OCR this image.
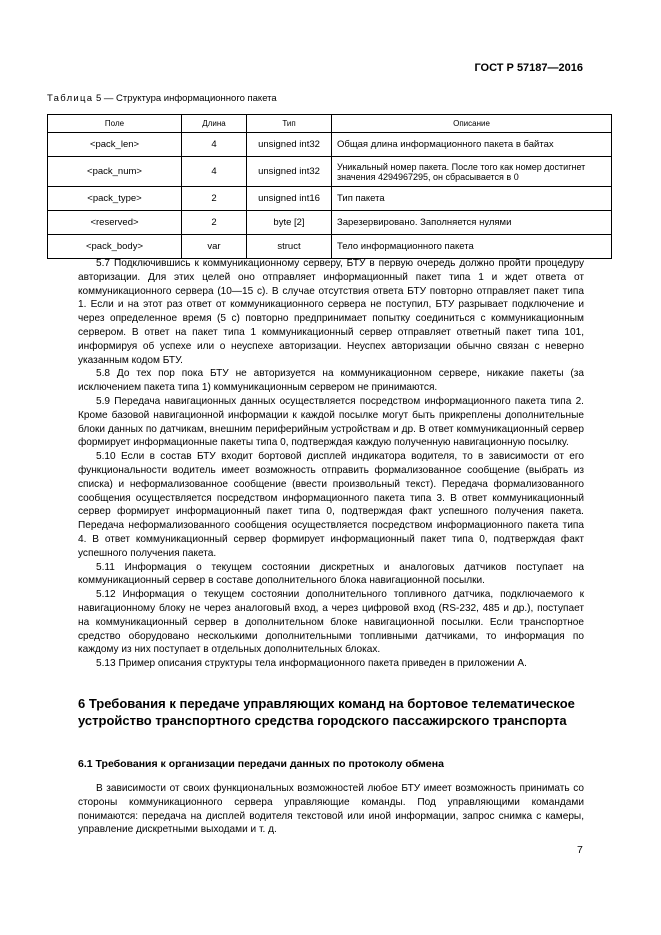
ГОСТ Р 57187—2016
Таблица 5 — Структура информационного пакета
Поле	Длина	Тип	Описание
<pack_len>	4	unsigned int32	Общая длина информационного пакета в байтах
<pack_num>	4	unsigned int32	Уникальный номер пакета. После того как номер достигнет значения 4294967295, он сбрасывается в 0
<pack_type>	2	unsigned int16	Тип пакета
<reserved>	2	byte [2]	Зарезервировано. Заполняется нулями
<pack_body>	var	struct	Тело информационного пакета

5.7 Подключившись к коммуникационному серверу, БТУ в первую очередь должно пройти процедуру авторизации. Для этих целей оно отправляет информационный пакет типа 1 и ждет ответа от коммуникационного сервера (10—15 с). В случае отсутствия ответа БТУ повторно отправляет пакет типа 1. Если и на этот раз ответ от коммуникационного сервера не поступил, БТУ разрывает подключение и через определенное время (5 с) повторно предпринимает попытку соединиться с коммуникационным сервером. В ответ на пакет типа 1 коммуникационный сервер отправляет ответный пакет типа 101, информируя об успехе или о неуспехе авторизации. Неуспех авторизации обычно связан с неверно указанным кодом БТУ.

5.8 До тех пор пока БТУ не авторизуется на коммуникационном сервере, никакие пакеты (за исключением пакета типа 1) коммуникационным сервером не принимаются.

5.9 Передача навигационных данных осуществляется посредством информационного пакета типа 2. Кроме базовой навигационной информации к каждой посылке могут быть прикреплены дополнительные блоки данных по датчикам, внешним периферийным устройствам и др. В ответ коммуникационный сервер формирует информационные пакеты типа 0, подтверждая каждую полученную навигационную посылку.

5.10 Если в состав БТУ входит бортовой дисплей индикатора водителя, то в зависимости от его функциональности водитель имеет возможность отправить формализованное сообщение (выбрать из списка) и неформализованное сообщение (ввести произвольный текст). Передача формализованного сообщения осуществляется посредством информационного пакета типа 3. В ответ коммуникационный сервер формирует информационный пакет типа 0, подтверждая факт успешного получения пакета. Передача неформализованного сообщения осуществляется посредством информационного пакета типа 4. В ответ коммуникационный сервер формирует информационный пакет типа 0, подтверждая факт успешного получения пакета.

5.11 Информация о текущем состоянии дискретных и аналоговых датчиков поступает на коммуникационный сервер в составе дополнительного блока навигационной посылки.

5.12 Информация о текущем состоянии дополнительного топливного датчика, подключаемого к навигационному блоку не через аналоговый вход, а через цифровой вход (RS-232, 485 и др.), поступает на коммуникационный сервер в дополнительном блоке навигационной посылки. Если транспортное средство оборудовано несколькими дополнительными топливными датчиками, то информация по каждому из них поступает в отдельных дополнительных блоках.

5.13 Пример описания структуры тела информационного пакета приведен в приложении А.

6 Требования к передаче управляющих команд на бортовое телематическое устройство транспортного средства городского пассажирского транспорта
6.1 Требования к организации передачи данных по протоколу обмена

В зависимости от своих функциональных возможностей любое БТУ имеет возможность принимать со стороны коммуникационного сервера управляющие команды. Под управляющими командами понимаются: передача на дисплей водителя текстовой или иной информации, запрос снимка с камеры, управление дискретными выходами и т. д.

7
